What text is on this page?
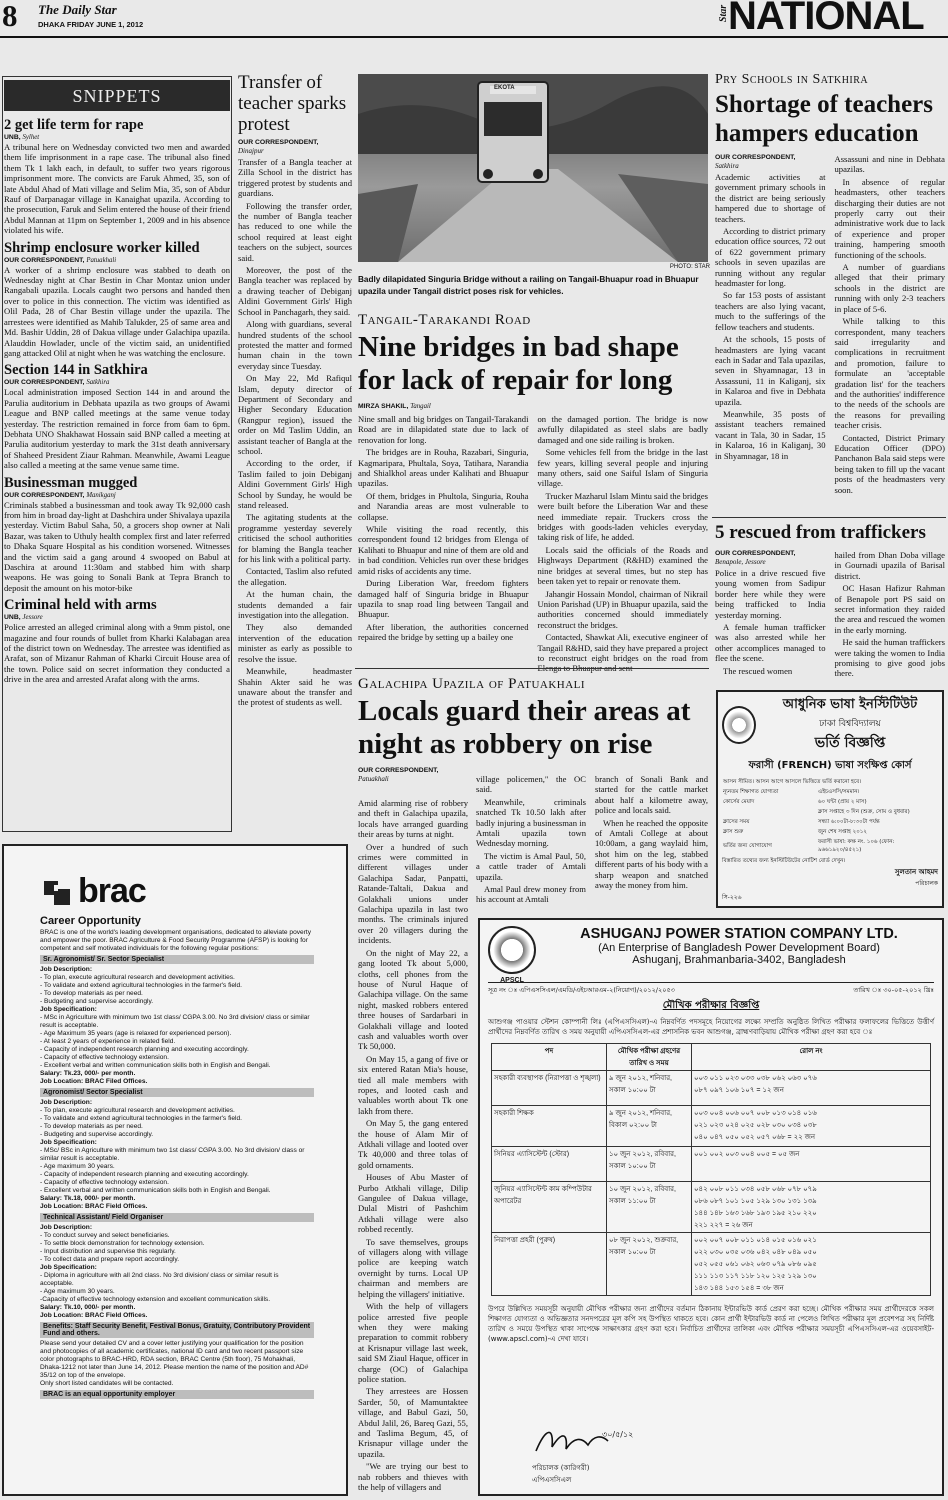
8 The Daily Star
DHAKA FRIDAY JUNE 1, 2012
Star
NATIONAL
SNIPPETS
2 get life term for rape

UNB, Sylhet

A tribunal here on Wednesday convicted two men and awarded them life imprisonment in a rape case. The tribunal also fined them Tk 1 lakh each, in default, to suffer two years rigorous imprisonment more. The convicts are Faruk Ahmed, 35, son of late Abdul Ahad of Mati village and Selim Mia, 35, son of Abdur Rauf of Darpanagar village in Kanaighat upazila. According to the prosecution, Faruk and Selim entered the house of their friend Abdul Mannan at 11pm on September 1, 2009 and in his absence violated his wife.

Shrimp enclosure worker killed

OUR CORRESPONDENT, Patuakhali

A worker of a shrimp enclosure was stabbed to death on Wednesday night at Char Bestin in Char Montaz union under Rangabali upazila. Locals caught two persons and handed then over to police in this connection. The victim was identified as Olil Pada, 28 of Char Bestin village under the upazila. The arrestees were identified as Mahib Talukder, 25 of same area and Md. Bashir Uddin, 28 of Dakua village under Galachipa upazila. Alauddin Howlader, uncle of the victim said, an unidentified gang attacked Olil at night when he was watching the enclosure.

Section 144 in Satkhira

OUR CORRESPONDENT, Satkhira

Local administration imposed Section 144 in and around the Parulia auditorium in Debhata upazila as two groups of Awami League and BNP called meetings at the same venue today yesterday. The restriction remained in force from 6am to 6pm. Debhata UNO Shakhawat Hossain said BNP called a meeting at Parulia auditorium yesterday to mark the 31st death anniversary of Shaheed President Ziaur Rahman. Meanwhile, Awami League also called a meeting at the same venue same time.

Businessman mugged

OUR CORRESPONDENT, Manikganj

Criminals stabbed a businessman and took away Tk 92,000 cash from him in broad day-light at Dashchira under Shivalaya upazila yesterday. Victim Babul Saha, 50, a grocers shop owner at Nali Bazar, was taken to Uthuly health complex first and later referred to Dhaka Square Hospital as his condition worsened. Witnesses and the victim said a gang around 4 swooped on Babul at Daschira at around 11:30am and stabbed him with sharp weapons. He was going to Sonali Bank at Tepra Branch to deposit the amount on his motor-bike

Criminal held with arms

UNB, Jessore

Police arrested an alleged criminal along with a 9mm pistol, one magazine and four rounds of bullet from Kharki Kalabagan area of the district town on Wednesday. The arrestee was identified as Arafat, son of Mizanur Rahman of Kharki Circuit House area of the town. Police said on secret information they conducted a drive in the area and arrested Arafat along with the arms.

Transfer of teacher sparks protest

OUR CORRESPONDENT,

Dinajpur

Transfer of a Bangla teacher at Zilla School in the district has triggered protest by students and guardians.

Following the transfer order, the number of Bangla teacher has reduced to one while the school required at least eight teachers on the subject, sources said.

Moreover, the post of the Bangla teacher was replaced by a drawing teacher of Debiganj Aldini Government Girls' High School in Panchagarh, they said.

Along with guardians, several hundred students of the school protested the matter and formed human chain in the town everyday since Tuesday.

On May 22, Md Rafiqul Islam, deputy director of Department of Secondary and Higher Secondary Education (Rangpur region), issued the order on Md Taslim Uddin, an assistant teacher of Bangla at the school.

According to the order, if Taslim failed to join Debiganj Aldini Government Girls' High School by Sunday, he would be stand released.

The agitating students at the programme yesterday severely criticised the school authorities for blaming the Bangla teacher for his link with a political party.

Contacted, Taslim also refuted the allegation.

At the human chain, the students demanded a fair investigation into the allegation.

They also demanded intervention of the education minister as early as possible to resolve the issue.

Meanwhile, headmaster Shahin Akter said he was unaware about the transfer and the protest of students as well.

EKOTA
PHOTO: STAR
Badly dilapidated Singuria Bridge without a railing on Tangail-Bhuapur road in Bhuapur upazila under Tangail district poses risk for vehicles.
Tangail-Tarakandi Road
Nine bridges in bad shape for lack of repair for long

MIRZA SHAKIL, Tangail

Nine small and big bridges on Tangail-Tarakandi Road are in dilapidated state due to lack of renovation for long.

The bridges are in Rouha, Razabari, Singuria, Kagmaripara, Phultala, Soya, Tatihara, Narandia and Shialkhol areas under Kalihati and Bhuapur upazilas.

Of them, bridges in Phultola, Singuria, Rouha and Narandia areas are most vulnerable to collapse.

While visiting the road recently, this correspondent found 12 bridges from Elenga of Kalihati to Bhuapur and nine of them are old and in bad condition. Vehicles run over these bridges amid risks of accidents any time.

During Liberation War, freedom fighters damaged half of Singuria bridge in Bhuapur upazila to snap road ling between Tangail and Bhuapur.

After liberation, the authorities concerned repaired the bridge by setting up a bailey one

on the damaged portion. The bridge is now awfully dilapidated as steel slabs are badly damaged and one side railing is broken.

Some vehicles fell from the bridge in the last few years, killing several people and injuring many others, said one Saiful Islam of Singuria village.

Trucker Mazharul Islam Mintu said the bridges were built before the Liberation War and these need immediate repair. Truckers cross the bridges with goods-laden vehicles everyday, taking risk of life, he added.

Locals said the officials of the Roads and Highways Department (R&HD) examined the nine bridges at several times, but no step has been taken yet to repair or renovate them.

Jahangir Hossain Mondol, chairman of Nikrail Union Parishad (UP) in Bhuapur upazila, said the authorities concerned should immediately reconstruct the bridges.

Contacted, Shawkat Ali, executive engineer of Tangail R&HD, said they have prepared a project to reconstruct eight bridges on the road from

Galachipa Upazila of Patuakhali
Locals guard their areas at night as robbery on rise

OUR CORRESPONDENT,

Patuakhali

Amid alarming rise of robbery and theft in Galachipa upazila, locals have arranged guarding their areas by turns at night.

Over a hundred of such crimes were committed in different villages under Galachipa Sadar, Panpatti, Ratande-Taltali, Dakua and Golakhali unions under Galachipa upazila in last two months. The criminals injured over 20 villagers during the incidents.

On the night of May 22, a gang looted Tk about 5,000, cloths, cell phones from the house of Nurul Haque of Galachipa village. On the same night, masked robbers entered three houses of Sardarbari in Golakhali village and looted cash and valuables worth over Tk 50,000.

On May 15, a gang of five or six entered Ratan Mia's house, tied all male members with ropes, and looted cash and valuables worth about Tk one lakh from there.

On May 5, the gang entered the house of Alam Mir of Atkhali village and looted over Tk 40,000 and three tolas of gold ornaments.

Houses of Abu Master of Purbo Atkhali village, Dilip Gangulee of Dakua village, Dulal Mistri of Pashchim Atkhali village were also robbed recently.

To save themselves, groups of villagers along with village police are keeping watch overnight by turns. Local UP chairman and members are helping the villagers' initiative.

With the help of villagers police arrested five people when they were making preparation to commit robbery at Krisnapur village last week, said SM Ziaul Haque, officer in charge (OC) of Galachipa police station.

They arrestees are Hossen Sarder, 50, of Mamuntaktee village, and Babul Gazi, 50, Abdul Jalil, 26, Bareq Gazi, 55, and Taslima Begum, 45, of Krisnapur village under the upazila.

"We are trying our best to nab robbers and thieves with the help of villagers and

village policemen," the OC said.

Meanwhile, criminals snatched Tk 10.50 lakh after badly injuring a businessman in Amtali upazila town Wednesday morning.

The victim is Amal Paul, 50, a cattle trader of Amtali upazila.

Amal Paul drew money from his account at Amtali

branch of Sonali Bank and started for the cattle market about half a kilometre away, police and locals said.

When he reached the opposite of Amtali College at about 10:00am, a gang waylaid him, shot him on the leg, stabbed different parts of his body with a sharp weapon and snatched away the money from him.

Pry Schools in Satkhira
Shortage of teachers hampers education

OUR CORRESPONDENT,

Satkhira

Academic activities at government primary schools in the district are being seriously hampered due to shortage of teachers.

According to district primary education office sources, 72 out of 622 government primary schools in seven upazilas are running without any regular headmaster for long.

So far 153 posts of assistant teachers are also lying vacant, much to the sufferings of the fellow teachers and students.

At the schools, 15 posts of headmasters are lying vacant each in Sadar and Tala upazilas, seven in Shyamnagar, 13 in Assassuni, 11 in Kaliganj, six in Kalaroa and five in Debhata upazila.

Meanwhile, 35 posts of assistant teachers remained vacant in Tala, 30 in Sadar, 15 in Kalaroa, 16 in Kaliganj, 30 in Shyamnagar, 18 in

Assassuni and nine in Debhata upazilas.

In absence of regular headmasters, other teachers discharging their duties are not properly carry out their administrative work due to lack of experience and proper training, hampering smooth functioning of the schools.

A number of guardians alleged that their primary schools in the district are running with only 2-3 teachers in place of 5-6.

While talking to this correspondent, many teachers said irregularity and complications in recruitment and promotion, failure to formulate an 'acceptable gradation list' for the teachers and the authorities' indifference to the needs of the schools are the reasons for prevailing teacher crisis.

Contacted, District Primary Education Officer (DPO) Panchanon Bala said steps were being taken to fill up the vacant posts of the headmasters very soon.

5 rescued from traffickers

OUR CORRESPONDENT,

Benapole, Jessore

Police in a drive rescued five young women from Sadipur border here while they were being trafficked to India yesterday morning.

A female human trafficker was also arrested while her other accomplices managed to flee the scene.

The rescued women

hailed from Dhan Doba village in Gournadi upazila of Barisal district.

OC Hasan Hafizur Rahman of Benapole port PS said on secret information they raided the area and rescued the women in the early morning.

He said the human traffickers were taking the women to India promising to give good jobs there.

আধুনিক ভাষা ইনস্টিটিউট
ঢাকা বিশ্ববিদ্যালয়
ভর্তি বিজ্ঞপ্তি
ফরাসী (FRENCH) ভাষা সংক্ষিপ্ত কোর্স
আসন সীমিত। আসন আগে আসলে ভিত্তিতে ভর্তি করানো হবে।	
ন্যূনতম শিক্ষাগত যোগ্যতা	এইচএসসি/সমমান।
কোর্সের মেয়াদ	৬০ ঘন্টা (প্রায় ২ মাস)
	ক্লাস সপ্তাহে ৩ দিন (শুক্র, সোম ও বুধবার)
ক্লাসের সময়	সন্ধ্যা ৬:০০টা-৮:৩০টা পর্যন্ত
ক্লাস শুরু	জুন শেষ সপ্তাহ ২০১২
ভর্তির জন্য যোগাযোগ	ফরাসী ভাষা: কক্ষ নং. ১০৬ (ফোন: ৯৬৬১৯২০/৪৫২১)
বিস্তারিত তথ্যের জন্য ইনস্টিটিউটের নোটিশ বোর্ড দেখুন।
সুলতান আহমদ
পরিচালক
সি-২২৬
brac
Career Opportunity

BRAC is one of the world's leading development organisations, dedicated to alleviate poverty and empower the poor. BRAC Agriculture & Food Security Programme (AFSP) is looking for competent and self motivated individuals for the following regular positions:

Sr. Agronomist/ Sr. Sector Specialist

Job Description:

- To plan, execute agricultural research and development activities.

- To validate and extend agricultural technologies in the farmer's field.

- To develop materials as per need.

- Budgeting and supervise accordingly.

Job Specification:

- MSc in Agriculture with minimum two 1st class/ CGPA 3.00. No 3rd division/ class or similar result is acceptable.

- Age Maximum 35 years (age is relaxed for experienced person).

- At least 2 years of experience in related field.

- Capacity of independent research planning and executing accordingly.

- Capacity of effective technology extension.

- Excellent verbal and written communication skills both in English and Bengali.

Salary: Tk.23, 000/- per month.

Job Location: BRAC Filed Offices.

Agronomist/ Sector Specialist

Job Description:

- To plan, execute agricultural research and development activities.

- To validate and extend agricultural technologies in the farmer's field.

- To develop materials as per need.

- Budgeting and supervise accordingly.

Job Specification:

- MSc/ BSc in Agriculture with minimum two 1st class/ CGPA 3.00. No 3rd division/ class or similar result is acceptable.

- Age maximum 30 years.

- Capacity of independent research planning and executing accordingly.

- Capacity of effective technology extension.

- Excellent verbal and written communication skills both in English and Bengali.

Salary: Tk.18, 000/- per month.

Job Location: BRAC Field Offices.

Technical Assistant/ Field Organiser

Job Description:

- To conduct survey and select beneficiaries.

- To settle block demonstration for technology extension.

- Input distribution and supervise this regularly.

- To collect data and prepare report accordingly.

Job Specification:

- Diploma in agriculture with all 2nd class. No 3rd division/ class or similar result is acceptable.

- Age maximum 30 years.

-Capacity of effective technology extension and excellent communication skills.

Salary: Tk.10, 000/- per month.

Job Location: BRAC Field Offices.

Benefits: Staff Security Benefit, Festival Bonus, Gratuity, Contributory Provident Fund and others.

Please send your detailed CV and a cover letter justifying your qualification for the position and photocopies of all academic certificates, national ID card and two recent passport size color photographs to BRAC-HRD, RDA section, BRAC Centre (5th floor), 75 Mohakhali, Dhaka-1212 not later than June 14, 2012. Please mention the name of the position and AD# 35/12 on top of the envelope.

Only short listed candidates will be contacted.

BRAC is an equal opportunity employer
APSCL
ASHUGANJ POWER STATION COMPANY LTD.
(An Enterprise of Bangladesh Power Development Board)
Ashuganj, Brahmanbaria-3402, Bangladesh
সূত্র নং ঃ এপিএসসিএল/এমডি/এইচআরএম-২(নিয়োগ)/২০১২/২০৫৩	তারিখ ঃ ৩০-০৫-২০১২ খ্রিঃ
মৌখিক পরীক্ষার বিজ্ঞপ্তি

আশুগঞ্জ পাওয়ার স্টেশন কোম্পানী লিঃ (এপিএসসিএল)-এ নিম্নবর্ণিত পদসমূহে নিয়োগের লক্ষ্যে সম্প্রতি অনুষ্ঠিত লিখিত পরীক্ষার ফলাফলের ভিত্তিতে উত্তীর্ণ প্রার্থীদের নিম্নবর্ণিত তারিখ ও সময় অনুযায়ী এপিএসসিএল-এর প্রশাসনিক ভবন আশুগঞ্জ, ব্রাহ্মণবাড়িয়ায় মৌখিক পরীক্ষা গ্রহণ করা হবে ঃ

পদ	মৌখিক পরীক্ষা গ্রহণের তারিখ ও সময়	রোল নং
সহকারী ব্যবস্থাপক (নিরাপত্তা ও শৃঙ্খলা)	৯ জুন ২০১২, শনিবার, সকাল ১০:০০ টা	০০৩ ০১১ ০২৩ ০৩৩ ০৩৮ ০৬২ ০৬৩ ০৭৬
০৮৭ ০৯৭ ১০৬ ১০৭ = ১২ জন

সহকারী শিক্ষক	৯ জুন ২০১২, শনিবার, বিকাল ০২:০০ টা	০০৩ ০০৪ ০০৬ ০০৭ ০০৮ ০১৩ ০১৪ ০১৬
০২১ ০২৩ ০২৪ ০২৫ ০২৮ ০৩০ ০৩৪ ০৩৮
০৪০ ০৪৭ ০৫০ ০৫২ ০৫৭ ০৬৮ = ২২ জন

সিনিয়র এ্যাসিস্টেন্ট (স্টোর)	১০ জুন ২০১২, রবিবার, সকাল ১০:০০ টা	০০১ ০০২ ০০৩ ০০৪ ০০৫ = ০৫ জন

জুনিয়র এ্যাসিস্টেন্ট কাম কম্পিউটার অপারেটর	১০ জুন ২০১২, রবিবার, সকাল ১১:০০ টা	০৪২ ০০৮ ০১১ ০৩৪ ০৫৮ ০৬৮ ০৭৮ ০৭৯
০৮৬ ০৮৭ ১০১ ১০৫ ১২৯ ১৩০ ১৩১ ১৩৯
১৪৪ ১৪৮ ১৬৩ ১৬৮ ১৯৩ ১৯৫ ২১০ ২২০
২২১ ২২৭ = ২৬ জন

নিরাপত্তা প্রহরী (পুরুষ)	০৮ জুন ২০১২, শুক্রবার, সকাল ১০:০০ টা	০০২ ০০৭ ০০৮ ০১১ ০১৪ ০১৫ ০১৬ ০২১
০২২ ০৩০ ০৩৫ ০৩৬ ০৪২ ০৪৮ ০৪৯ ০৫০
০৫২ ০৫৫ ০৬১ ০৬২ ০৬৩ ০৭৯ ০৮৬ ০৯৫
১১১ ১১৩ ১১৭ ১১৮ ১২০ ১২৫ ১২৯ ১৩০
১৪৩ ১৪৪ ১৫৩ ১৫৪ = ৩৮ জন

উপরে উল্লিখিত সময়সূচী অনুযায়ী মৌখিক পরীক্ষার জন্য প্রার্থীদের বর্তমান ঠিকানায় ইন্টারভিউ কার্ড প্রেরণ করা হচ্ছে। মৌখিক পরীক্ষার সময় প্রার্থীদেরকে সকল শিক্ষাগত যোগ্যতা ও অভিজ্ঞতার সনদপত্রের মূল কপি সহ উপস্থিত থাকতে হবে। কোন প্রার্থী ইন্টারভিউ কার্ড না পেলেও লিখিত পরীক্ষার মূল প্রবেশপত্র সহ নির্দিষ্ট তারিখ ও সময়ে উপস্থিত থাকা সাপেক্ষে সাক্ষাৎকার গ্রহণ করা হবে। নির্বাচিত প্রার্থীদের তালিকা এবং মৌখিক পরীক্ষার সময়সূচী এপিএসসিএল-এর ওয়েবসাইট- (www.apscl.com)-এ দেখা যাবে।

৩০/৫/১২
পরিচালক (কারিগরী)
এপিএসসিএল
